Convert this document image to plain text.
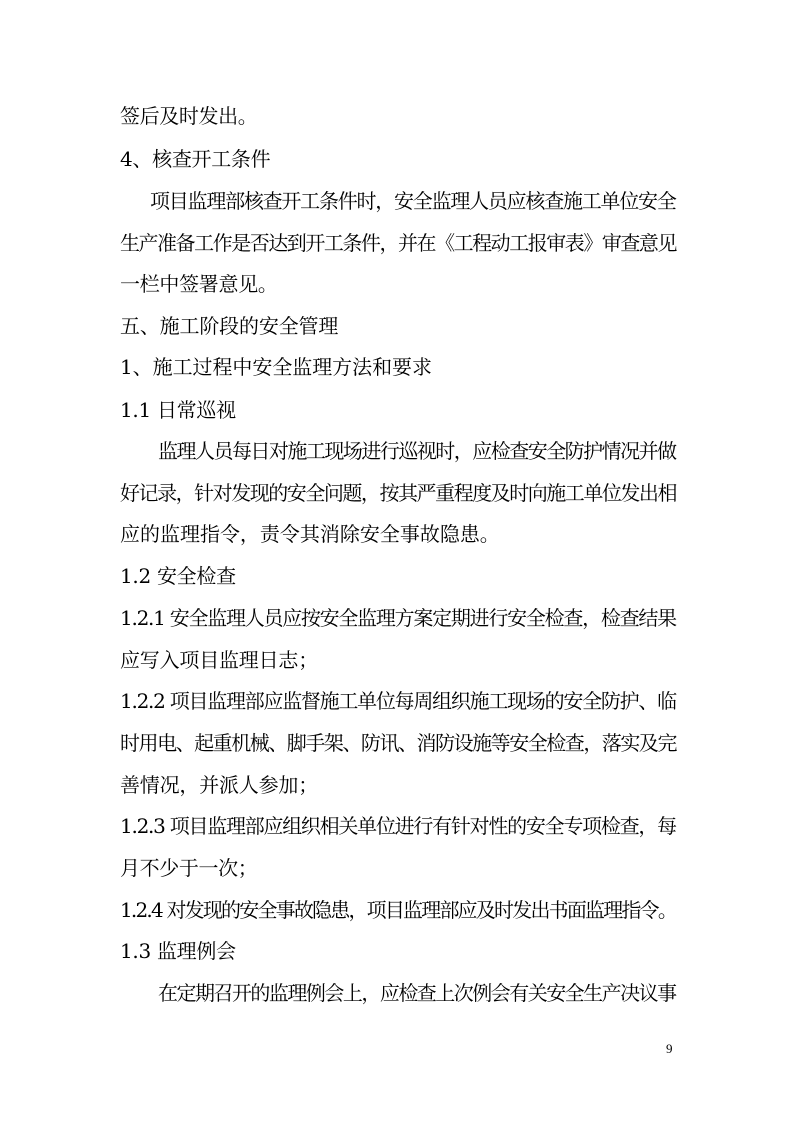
签后及时发出。
4、核查开工条件
项目监理部核查开工条件时，安全监理人员应核查施工单位安全
生产准备工作是否达到开工条件，并在《工程动工报审表》审查意见
一栏中签署意见。
五、施工阶段的安全管理
1、施工过程中安全监理方法和要求
1.1 日常巡视
监理人员每日对施工现场进行巡视时，应检查安全防护情况并做
好记录，针对发现的安全问题，按其严重程度及时向施工单位发出相
应的监理指令，责令其消除安全事故隐患。
1.2 安全检查
1.2.1 安全监理人员应按安全监理方案定期进行安全检查，检查结果
应写入项目监理日志；
1.2.2 项目监理部应监督施工单位每周组织施工现场的安全防护、临
时用电、起重机械、脚手架、防讯、消防设施等安全检查，落实及完
善情况，并派人参加；
1.2.3 项目监理部应组织相关单位进行有针对性的安全专项检查，每
月不少于一次；
1.2.4 对发现的安全事故隐患，项目监理部应及时发出书面监理指令。
1.3 监理例会
在定期召开的监理例会上，应检查上次例会有关安全生产决议事
9
